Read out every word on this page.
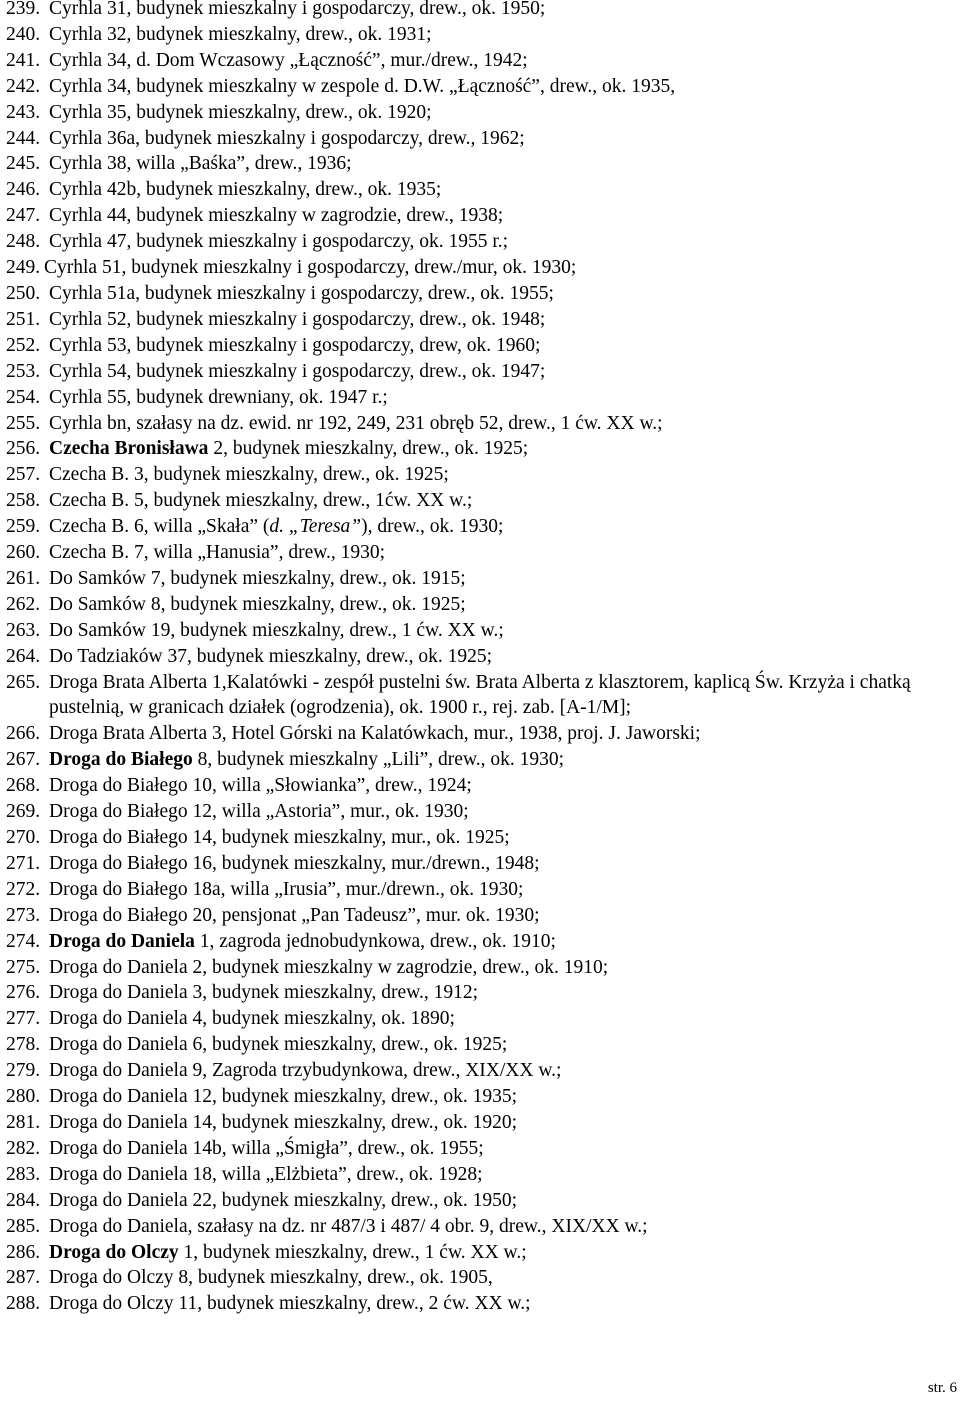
239. Cyrhla 31, budynek mieszkalny i gospodarczy, drew., ok. 1950;
240. Cyrhla 32, budynek mieszkalny, drew., ok. 1931;
241. Cyrhla 34, d. Dom Wczasowy „Łączność”, mur./drew., 1942;
242. Cyrhla 34, budynek mieszkalny w zespole d. D.W. „Łączność”, drew., ok. 1935,
243. Cyrhla 35, budynek mieszkalny, drew., ok. 1920;
244. Cyrhla 36a, budynek mieszkalny i gospodarczy, drew., 1962;
245. Cyrhla 38, willa „Baśka”, drew., 1936;
246. Cyrhla 42b, budynek mieszkalny, drew., ok. 1935;
247. Cyrhla 44, budynek mieszkalny w zagrodzie, drew., 1938;
248. Cyrhla 47, budynek mieszkalny i gospodarczy, ok. 1955 r.;
249. Cyrhla 51, budynek mieszkalny i gospodarczy, drew./mur, ok. 1930;
250. Cyrhla 51a, budynek mieszkalny i gospodarczy, drew., ok. 1955;
251. Cyrhla 52, budynek mieszkalny i gospodarczy, drew., ok. 1948;
252. Cyrhla 53, budynek mieszkalny i gospodarczy, drew, ok. 1960;
253. Cyrhla 54, budynek mieszkalny i gospodarczy, drew., ok. 1947;
254. Cyrhla 55, budynek drewniany, ok. 1947 r.;
255. Cyrhla bn, szałasy na dz. ewid. nr 192, 249, 231 obręb 52, drew., 1 ćw. XX w.;
256. Czecha Bronisława 2, budynek mieszkalny, drew., ok. 1925;
257. Czecha B. 3, budynek mieszkalny, drew., ok. 1925;
258. Czecha B. 5, budynek mieszkalny, drew., 1ćw. XX w.;
259. Czecha B. 6, willa „Skała” (d. „Teresa”), drew., ok. 1930;
260. Czecha B. 7, willa „Hanusia”, drew., 1930;
261. Do Samków 7, budynek mieszkalny, drew., ok. 1915;
262. Do Samków 8, budynek mieszkalny, drew., ok. 1925;
263. Do Samków 19, budynek mieszkalny, drew., 1 ćw. XX w.;
264. Do Tadziaków 37, budynek mieszkalny, drew., ok. 1925;
265. Droga Brata Alberta 1,Kalatówki - zespół pustelni św. Brata Alberta z klasztorem, kaplicą Św. Krzyża i chatką pustelnią, w granicach działek (ogrodzenia), ok. 1900 r., rej. zab. [A-1/M];
266. Droga Brata Alberta 3, Hotel Górski na Kalatówkach, mur., 1938, proj. J. Jaworski;
267. Droga do Białego 8, budynek mieszkalny „Lili”, drew., ok. 1930;
268. Droga do Białego 10, willa „Słowianka”, drew., 1924;
269. Droga do Białego 12, willa „Astoria”, mur., ok. 1930;
270. Droga do Białego 14, budynek mieszkalny, mur., ok. 1925;
271. Droga do Białego 16, budynek mieszkalny, mur./drewn., 1948;
272. Droga do Białego 18a, willa „Irusia”, mur./drewn., ok. 1930;
273. Droga do Białego 20, pensjonat „Pan Tadeusz”, mur. ok. 1930;
274. Droga do Daniela 1, zagroda jednobudynkowa, drew., ok. 1910;
275. Droga do Daniela 2, budynek mieszkalny w zagrodzie, drew., ok. 1910;
276. Droga do Daniela 3, budynek mieszkalny, drew., 1912;
277. Droga do Daniela 4, budynek mieszkalny, ok. 1890;
278. Droga do Daniela 6, budynek mieszkalny, drew., ok. 1925;
279. Droga do Daniela 9, Zagroda trzybudynkowa, drew., XIX/XX w.;
280. Droga do Daniela 12, budynek mieszkalny, drew., ok. 1935;
281. Droga do Daniela 14, budynek mieszkalny, drew., ok. 1920;
282. Droga do Daniela 14b, willa „Śmigła”, drew., ok. 1955;
283. Droga do Daniela 18, willa „Elżbieta”, drew., ok. 1928;
284. Droga do Daniela 22, budynek mieszkalny, drew., ok. 1950;
285. Droga do Daniela, szałasy na dz. nr 487/3 i 487/ 4 obr. 9, drew., XIX/XX w.;
286. Droga do Olczy 1, budynek mieszkalny, drew., 1 ćw. XX w.;
287. Droga do Olczy 8, budynek mieszkalny, drew., ok. 1905,
288. Droga do Olczy 11, budynek mieszkalny, drew., 2 ćw. XX w.;
str. 6
